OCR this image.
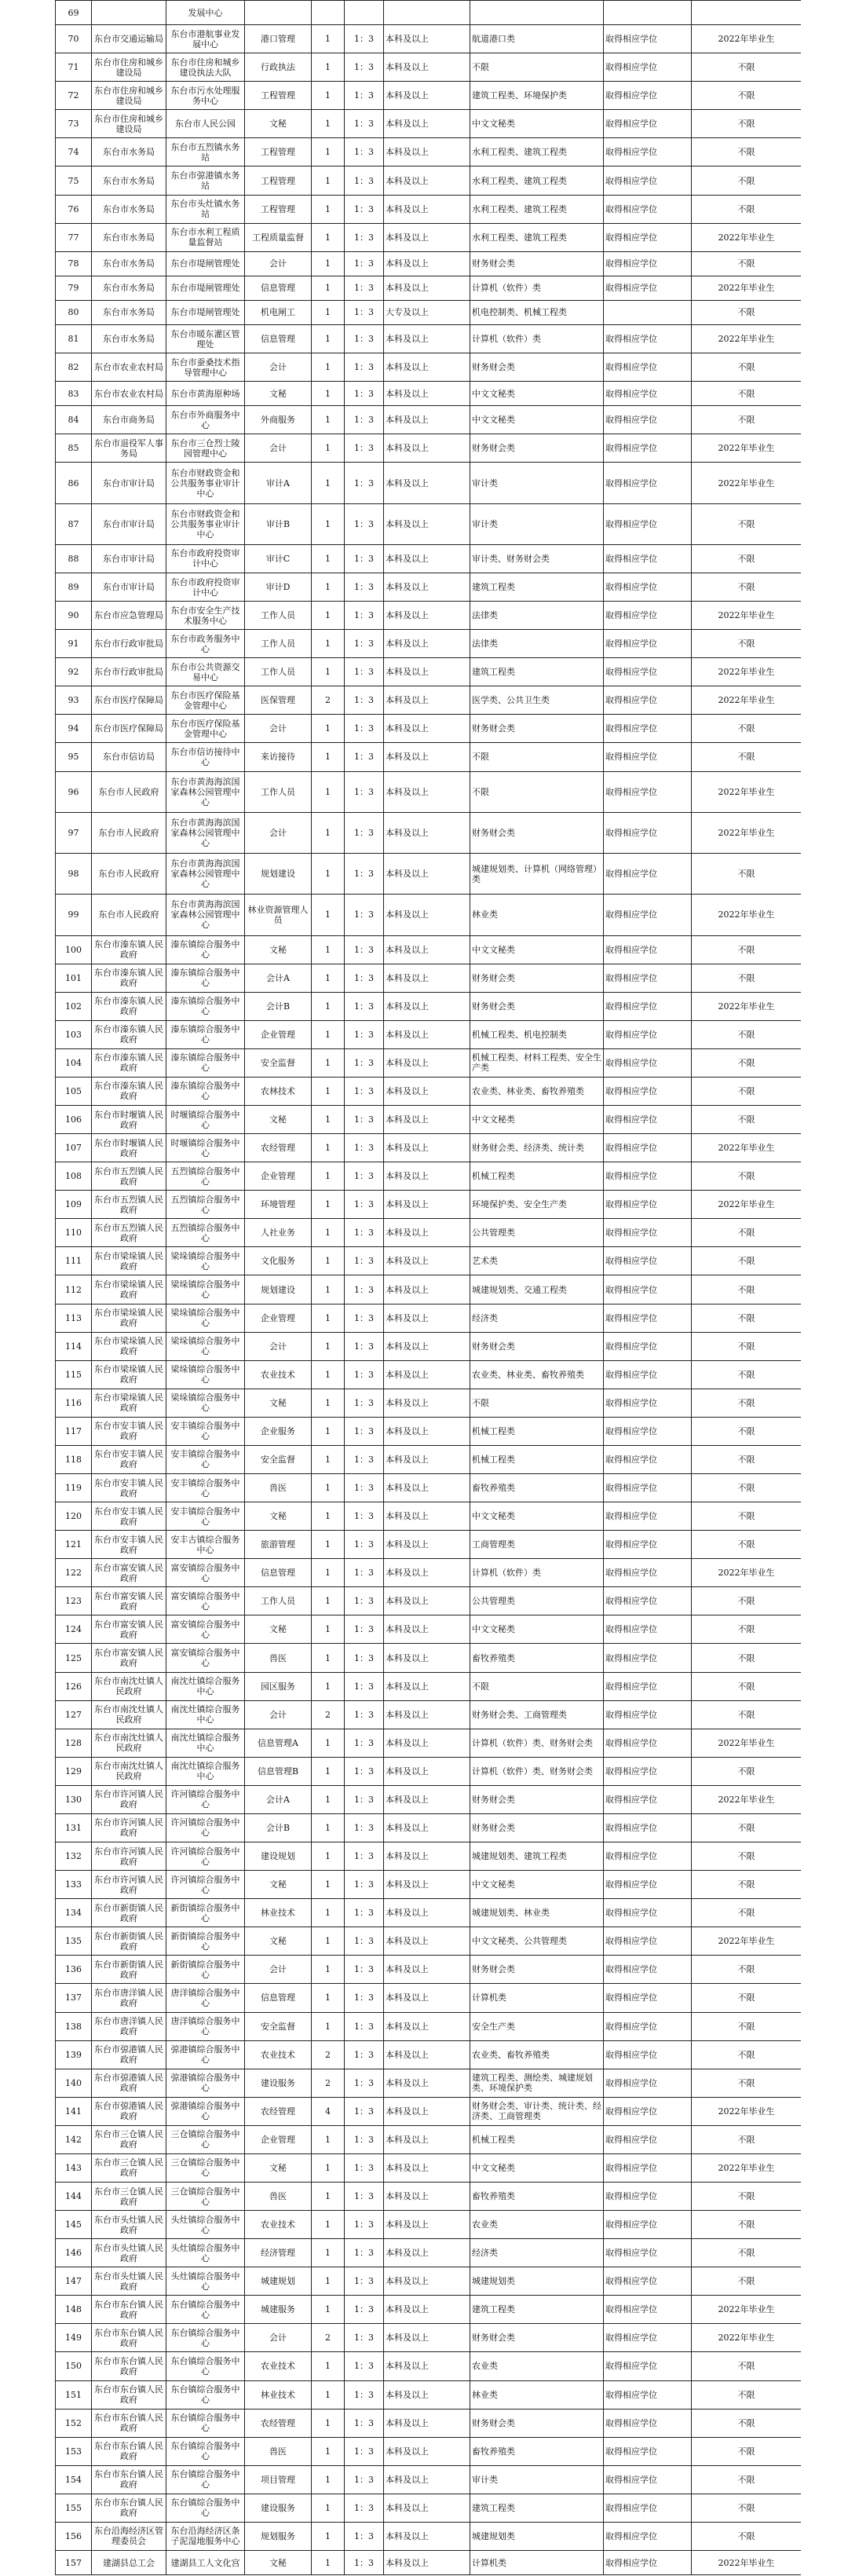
69		发展中心							
70	东台市交通运输局	东台市港航事业发展中心	港口管理	1	1：3	本科及以上	航道港口类	取得相应学位	2022年毕业生
71	东台市住房和城乡建设局	东台市住房和城乡建设执法大队	行政执法	1	1：3	本科及以上	不限	取得相应学位	不限
72	东台市住房和城乡建设局	东台市污水处理服务中心	工程管理	1	1：3	本科及以上	建筑工程类、环境保护类	取得相应学位	不限
73	东台市住房和城乡建设局	东台市人民公园	文秘	1	1：3	本科及以上	中文文秘类	取得相应学位	不限
74	东台市水务局	东台市五烈镇水务站	工程管理	1	1：3	本科及以上	水利工程类、建筑工程类	取得相应学位	不限
75	东台市水务局	东台市弶港镇水务站	工程管理	1	1：3	本科及以上	水利工程类、建筑工程类	取得相应学位	不限
76	东台市水务局	东台市头灶镇水务站	工程管理	1	1：3	本科及以上	水利工程类、建筑工程类	取得相应学位	不限
77	东台市水务局	东台市水利工程质量监督站	工程质量监督	1	1：3	本科及以上	水利工程类、建筑工程类	取得相应学位	2022年毕业生
78	东台市水务局	东台市堤闸管理处	会计	1	1：3	本科及以上	财务财会类	取得相应学位	不限
79	东台市水务局	东台市堤闸管理处	信息管理	1	1：3	本科及以上	计算机（软件）类	取得相应学位	2022年毕业生
80	东台市水务局	东台市堤闸管理处	机电闸工	1	1：3	大专及以上	机电控制类、机械工程类		不限
81	东台市水务局	东台市暖东灌区管理处	信息管理	1	1：3	本科及以上	计算机（软件）类	取得相应学位	2022年毕业生
82	东台市农业农村局	东台市蚕桑技术指导管理中心	会计	1	1：3	本科及以上	财务财会类	取得相应学位	不限
83	东台市农业农村局	东台市黄海原种场	文秘	1	1：3	本科及以上	中文文秘类	取得相应学位	不限
84	东台市商务局	东台市外商服务中心	外商服务	1	1：3	本科及以上	中文文秘类	取得相应学位	不限
85	东台市退役军人事务局	东台市三仓烈士陵园管理中心	会计	1	1：3	本科及以上	财务财会类	取得相应学位	2022年毕业生
86	东台市审计局	东台市财政资金和公共服务事业审计中心	审计A	1	1：3	本科及以上	审计类	取得相应学位	2022年毕业生
87	东台市审计局	东台市财政资金和公共服务事业审计中心	审计B	1	1：3	本科及以上	审计类	取得相应学位	不限
88	东台市审计局	东台市政府投资审计中心	审计C	1	1：3	本科及以上	审计类、财务财会类	取得相应学位	不限
89	东台市审计局	东台市政府投资审计中心	审计D	1	1：3	本科及以上	建筑工程类	取得相应学位	不限
90	东台市应急管理局	东台市安全生产技术服务中心	工作人员	1	1：3	本科及以上	法律类	取得相应学位	2022年毕业生
91	东台市行政审批局	东台市政务服务中心	工作人员	1	1：3	本科及以上	法律类	取得相应学位	不限
92	东台市行政审批局	东台市公共资源交易中心	工作人员	1	1：3	本科及以上	建筑工程类	取得相应学位	2022年毕业生
93	东台市医疗保障局	东台市医疗保险基金管理中心	医保管理	2	1：3	本科及以上	医学类、公共卫生类	取得相应学位	2022年毕业生
94	东台市医疗保障局	东台市医疗保险基金管理中心	会计	1	1：3	本科及以上	财务财会类	取得相应学位	不限
95	东台市信访局	东台市信访接待中心	来访接待	1	1：3	本科及以上	不限	取得相应学位	不限
96	东台市人民政府	东台市黄海海滨国家森林公园管理中心	工作人员	1	1：3	本科及以上	不限	取得相应学位	2022年毕业生
97	东台市人民政府	东台市黄海海滨国家森林公园管理中心	会计	1	1：3	本科及以上	财务财会类	取得相应学位	2022年毕业生
98	东台市人民政府	东台市黄海海滨国家森林公园管理中心	规划建设	1	1：3	本科及以上	城建规划类、计算机（网络管理）类	取得相应学位	不限
99	东台市人民政府	东台市黄海海滨国家森林公园管理中心	林业资源管理人员	1	1：3	本科及以上	林业类	取得相应学位	2022年毕业生
100	东台市溱东镇人民政府	溱东镇综合服务中心	文秘	1	1：3	本科及以上	中文文秘类	取得相应学位	不限
101	东台市溱东镇人民政府	溱东镇综合服务中心	会计A	1	1：3	本科及以上	财务财会类	取得相应学位	不限
102	东台市溱东镇人民政府	溱东镇综合服务中心	会计B	1	1：3	本科及以上	财务财会类	取得相应学位	2022年毕业生
103	东台市溱东镇人民政府	溱东镇综合服务中心	企业管理	1	1：3	本科及以上	机械工程类、机电控制类	取得相应学位	不限
104	东台市溱东镇人民政府	溱东镇综合服务中心	安全监督	1	1：3	本科及以上	机械工程类、材料工程类、安全生产类	取得相应学位	不限
105	东台市溱东镇人民政府	溱东镇综合服务中心	农林技术	1	1：3	本科及以上	农业类、林业类、畜牧养殖类	取得相应学位	不限
106	东台市时堰镇人民政府	时堰镇综合服务中心	文秘	1	1：3	本科及以上	中文文秘类	取得相应学位	不限
107	东台市时堰镇人民政府	时堰镇综合服务中心	农经管理	1	1：3	本科及以上	财务财会类、经济类、统计类	取得相应学位	2022年毕业生
108	东台市五烈镇人民政府	五烈镇综合服务中心	企业管理	1	1：3	本科及以上	机械工程类	取得相应学位	不限
109	东台市五烈镇人民政府	五烈镇综合服务中心	环境管理	1	1：3	本科及以上	环境保护类、安全生产类	取得相应学位	2022年毕业生
110	东台市五烈镇人民政府	五烈镇综合服务中心	人社业务	1	1：3	本科及以上	公共管理类	取得相应学位	不限
111	东台市梁垛镇人民政府	梁垛镇综合服务中心	文化服务	1	1：3	本科及以上	艺术类	取得相应学位	不限
112	东台市梁垛镇人民政府	梁垛镇综合服务中心	规划建设	1	1：3	本科及以上	城建规划类、交通工程类	取得相应学位	不限
113	东台市梁垛镇人民政府	梁垛镇综合服务中心	企业管理	1	1：3	本科及以上	经济类	取得相应学位	不限
114	东台市梁垛镇人民政府	梁垛镇综合服务中心	会计	1	1：3	本科及以上	财务财会类	取得相应学位	不限
115	东台市梁垛镇人民政府	梁垛镇综合服务中心	农业技术	1	1：3	本科及以上	农业类、林业类、畜牧养殖类	取得相应学位	不限
116	东台市梁垛镇人民政府	梁垛镇综合服务中心	文秘	1	1：3	本科及以上	不限	取得相应学位	不限
117	东台市安丰镇人民政府	安丰镇综合服务中心	企业服务	1	1：3	本科及以上	机械工程类	取得相应学位	不限
118	东台市安丰镇人民政府	安丰镇综合服务中心	安全监督	1	1：3	本科及以上	机械工程类	取得相应学位	不限
119	东台市安丰镇人民政府	安丰镇综合服务中心	兽医	1	1：3	本科及以上	畜牧养殖类	取得相应学位	不限
120	东台市安丰镇人民政府	安丰镇综合服务中心	文秘	1	1：3	本科及以上	中文文秘类	取得相应学位	不限
121	东台市安丰镇人民政府	安丰古镇综合服务中心	旅游管理	1	1：3	本科及以上	工商管理类	取得相应学位	不限
122	东台市富安镇人民政府	富安镇综合服务中心	信息管理	1	1：3	本科及以上	计算机（软件）类	取得相应学位	2022年毕业生
123	东台市富安镇人民政府	富安镇综合服务中心	工作人员	1	1：3	本科及以上	公共管理类	取得相应学位	不限
124	东台市富安镇人民政府	富安镇综合服务中心	文秘	1	1：3	本科及以上	中文文秘类	取得相应学位	不限
125	东台市富安镇人民政府	富安镇综合服务中心	兽医	1	1：3	本科及以上	畜牧养殖类	取得相应学位	不限
126	东台市南沈灶镇人民政府	南沈灶镇综合服务中心	园区服务	1	1：3	本科及以上	不限	取得相应学位	不限
127	东台市南沈灶镇人民政府	南沈灶镇综合服务中心	会计	2	1：3	本科及以上	财务财会类、工商管理类	取得相应学位	不限
128	东台市南沈灶镇人民政府	南沈灶镇综合服务中心	信息管理A	1	1：3	本科及以上	计算机（软件）类、财务财会类	取得相应学位	2022年毕业生
129	东台市南沈灶镇人民政府	南沈灶镇综合服务中心	信息管理B	1	1：3	本科及以上	计算机（软件）类、财务财会类	取得相应学位	不限
130	东台市许河镇人民政府	许河镇综合服务中心	会计A	1	1：3	本科及以上	财务财会类	取得相应学位	2022年毕业生
131	东台市许河镇人民政府	许河镇综合服务中心	会计B	1	1：3	本科及以上	财务财会类	取得相应学位	不限
132	东台市许河镇人民政府	许河镇综合服务中心	建设规划	1	1：3	本科及以上	城建规划类、建筑工程类	取得相应学位	不限
133	东台市许河镇人民政府	许河镇综合服务中心	文秘	1	1：3	本科及以上	中文文秘类	取得相应学位	不限
134	东台市新街镇人民政府	新街镇综合服务中心	林业技术	1	1：3	本科及以上	城建规划类、林业类	取得相应学位	不限
135	东台市新街镇人民政府	新街镇综合服务中心	文秘	1	1：3	本科及以上	中文文秘类、公共管理类	取得相应学位	2022年毕业生
136	东台市新街镇人民政府	新街镇综合服务中心	会计	1	1：3	本科及以上	财务财会类	取得相应学位	不限
137	东台市唐洋镇人民政府	唐洋镇综合服务中心	信息管理	1	1：3	本科及以上	计算机类	取得相应学位	不限
138	东台市唐洋镇人民政府	唐洋镇综合服务中心	安全监督	1	1：3	本科及以上	安全生产类	取得相应学位	不限
139	东台市弶港镇人民政府	弶港镇综合服务中心	农业技术	2	1：3	本科及以上	农业类、畜牧养殖类	取得相应学位	不限
140	东台市弶港镇人民政府	弶港镇综合服务中心	建设服务	2	1：3	本科及以上	建筑工程类、测绘类、城建规划类、环境保护类	取得相应学位	不限
141	东台市弶港镇人民政府	弶港镇综合服务中心	农经管理	4	1：3	本科及以上	财务财会类、审计类、统计类、经济类、工商管理类	取得相应学位	2022年毕业生
142	东台市三仓镇人民政府	三仓镇综合服务中心	企业管理	1	1：3	本科及以上	机械工程类	取得相应学位	不限
143	东台市三仓镇人民政府	三仓镇综合服务中心	文秘	1	1：3	本科及以上	中文文秘类	取得相应学位	2022年毕业生
144	东台市三仓镇人民政府	三仓镇综合服务中心	兽医	1	1：3	本科及以上	畜牧养殖类	取得相应学位	不限
145	东台市头灶镇人民政府	头灶镇综合服务中心	农业技术	1	1：3	本科及以上	农业类	取得相应学位	不限
146	东台市头灶镇人民政府	头灶镇综合服务中心	经济管理	1	1：3	本科及以上	经济类	取得相应学位	不限
147	东台市头灶镇人民政府	头灶镇综合服务中心	城建规划	1	1：3	本科及以上	城建规划类	取得相应学位	不限
148	东台市东台镇人民政府	东台镇综合服务中心	城建服务	1	1：3	本科及以上	建筑工程类	取得相应学位	2022年毕业生
149	东台市东台镇人民政府	东台镇综合服务中心	会计	2	1：3	本科及以上	财务财会类	取得相应学位	2022年毕业生
150	东台市东台镇人民政府	东台镇综合服务中心	农业技术	1	1：3	本科及以上	农业类	取得相应学位	不限
151	东台市东台镇人民政府	东台镇综合服务中心	林业技术	1	1：3	本科及以上	林业类	取得相应学位	不限
152	东台市东台镇人民政府	东台镇综合服务中心	农经管理	1	1：3	本科及以上	财务财会类	取得相应学位	不限
153	东台市东台镇人民政府	东台镇综合服务中心	兽医	1	1：3	本科及以上	畜牧养殖类	取得相应学位	不限
154	东台市东台镇人民政府	东台镇综合服务中心	项目管理	1	1：3	本科及以上	审计类	取得相应学位	不限
155	东台市东台镇人民政府	东台镇综合服务中心	建设服务	1	1：3	本科及以上	建筑工程类	取得相应学位	不限
156	东台沿海经济区管理委员会	东台沿海经济区条子泥湿地服务中心	规划服务	1	1：3	本科及以上	城建规划类	取得相应学位	不限
157	建湖县总工会	建湖县工人文化宫	文秘	1	1：3	本科及以上	计算机类	取得相应学位	2022年毕业生
